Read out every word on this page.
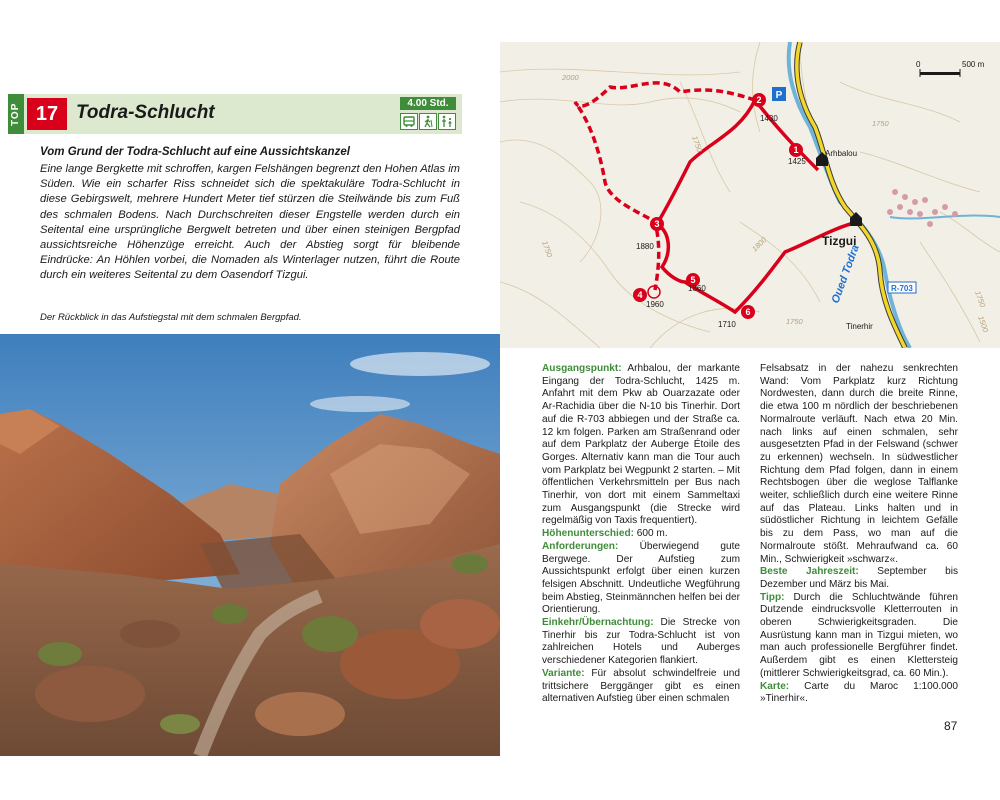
TOP 17 Todra-Schlucht	4.00 Std.
Vom Grund der Todra-Schlucht auf eine Aussichtskanzel

Eine lange Bergkette mit schroffen, kargen Felshängen begrenzt den Hohen Atlas im Süden. Wie ein scharfer Riss schneidet sich die spektakuläre Todra-Schlucht in diese Gebirgswelt, mehrere Hundert Meter tief stürzen die Steilwände bis zum Fuß des schmalen Bodens. Nach Durchschreiten dieser Engstelle werden durch ein Seitental eine ursprüngliche Bergwelt betreten und über einen steinigen Bergpfad aussichtsreiche Höhenzüge erreicht. Auch der Abstieg sorgt für bleibende Eindrücke: An Höhlen vorbei, die Nomaden als Winterlager nutzen, führt die Route durch ein weiteres Seitental zu dem Oasendorf Tizgui.

Der Rückblick in das Aufstiegstal mit dem schmalen Bergpfad.
1
2
3
4
5
6
P
0	500 m
1430
1425
1880
1860
1960
1710
Arhbalou
Tinerhir
Tizgui
Oued Todra	R-703
2000
1750
1750
1750
1750
1750
1800
1500

Ausgangspunkt: Arhbalou, der markante Eingang der Todra-Schlucht, 1425 m. Anfahrt mit dem Pkw ab Ouarzazate oder Ar-Rachidia über die N-10 bis Tinerhir. Dort auf die R-703 abbiegen und der Straße ca. 12 km folgen. Parken am Straßenrand oder auf dem Parkplatz der Auberge Étoile des Gorges. Alternativ kann man die Tour auch vom Parkplatz bei Wegpunkt 2 starten. – Mit öffentlichen Verkehrsmitteln per Bus nach Tinerhir, von dort mit einem Sammeltaxi zum Ausgangspunkt (die Strecke wird regelmäßig von Taxis frequentiert).

Höhenunterschied: 600 m.

Anforderungen: Überwiegend gute Bergwege. Der Aufstieg zum Aussichtspunkt erfolgt über einen kurzen felsigen Abschnitt. Undeutliche Wegführung beim Abstieg, Steinmännchen helfen bei der Orientierung.

Einkehr/Übernachtung: Die Strecke von Tinerhir bis zur Todra-Schlucht ist von zahlreichen Hotels und Auberges verschiedener Kategorien flankiert.

Variante: Für absolut schwindelfreie und trittsichere Berggänger gibt es einen alternativen Aufstieg über einen schmalen

Felsabsatz in der nahezu senkrechten Wand: Vom Parkplatz kurz Richtung Nordwesten, dann durch die breite Rinne, die etwa 100 m nördlich der beschriebenen Normalroute verläuft. Nach etwa 20 Min. nach links auf einen schmalen, sehr ausgesetzten Pfad in der Felswand (schwer zu erkennen) wechseln. In südwestlicher Richtung dem Pfad folgen, dann in einem Rechtsbogen über die weglose Talflanke weiter, schließlich durch eine weitere Rinne auf das Plateau. Links halten und in südöstlicher Richtung in leichtem Gefälle bis zu dem Pass, wo man auf die Normalroute stößt. Mehraufwand ca. 60 Min., Schwierigkeit »schwarz«.

Beste Jahreszeit: September bis Dezember und März bis Mai.

Tipp: Durch die Schluchtwände führen Dutzende eindrucksvolle Kletterrouten in oberen Schwierigkeitsgraden. Die Ausrüstung kann man in Tizgui mieten, wo man auch professionelle Bergführer findet. Außerdem gibt es einen Klettersteig (mittlerer Schwierigkeitsgrad, ca. 60 Min.).

Karte: Carte du Maroc 1:100.000 »Tinerhir«.

87
